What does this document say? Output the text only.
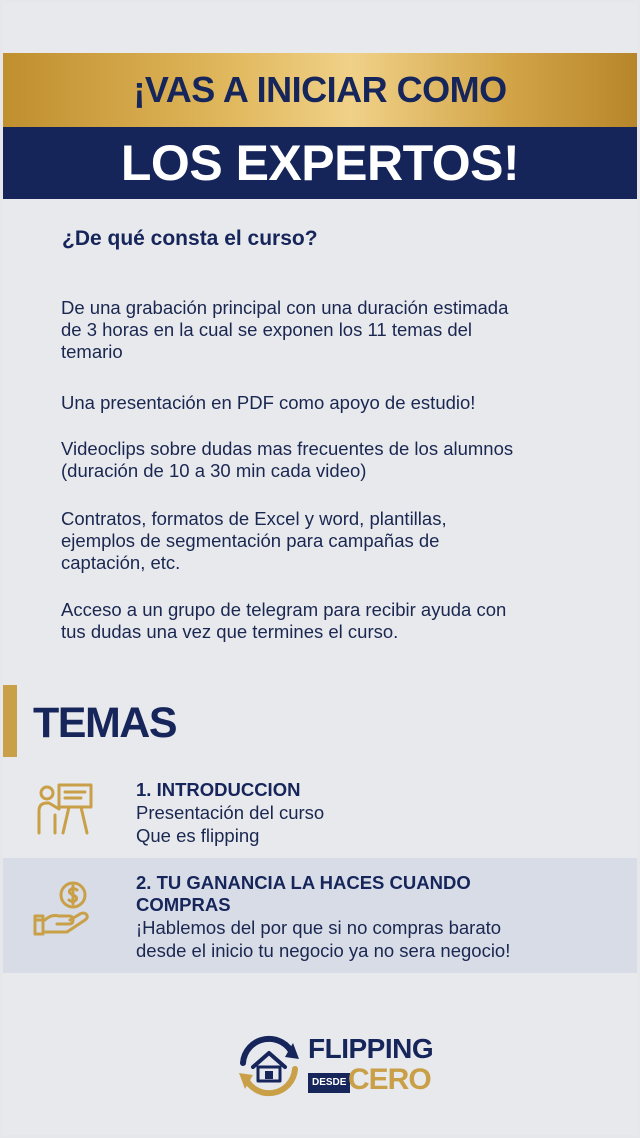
¡VAS A INICIAR COMO
LOS EXPERTOS!
¿De qué consta el curso?
De una grabación principal con una duración estimada
de 3 horas en la cual se exponen los 11 temas del
temario
Una presentación en PDF como apoyo de estudio!
Videoclips sobre dudas mas frecuentes de los alumnos
(duración de 10 a 30 min cada video)
Contratos, formatos de Excel y word, plantillas,
ejemplos de segmentación para campañas de
captación, etc.
Acceso a un grupo de telegram para recibir ayuda con
tus dudas una vez que termines el curso.
TEMAS
1. INTRODUCCION
Presentación del curso
Que es flipping
2. TU GANANCIA LA HACES CUANDO
COMPRAS
¡Hablemos del por que si no compras barato
desde el inicio tu negocio ya no sera negocio!
FLIPPING
DESDE CERO
